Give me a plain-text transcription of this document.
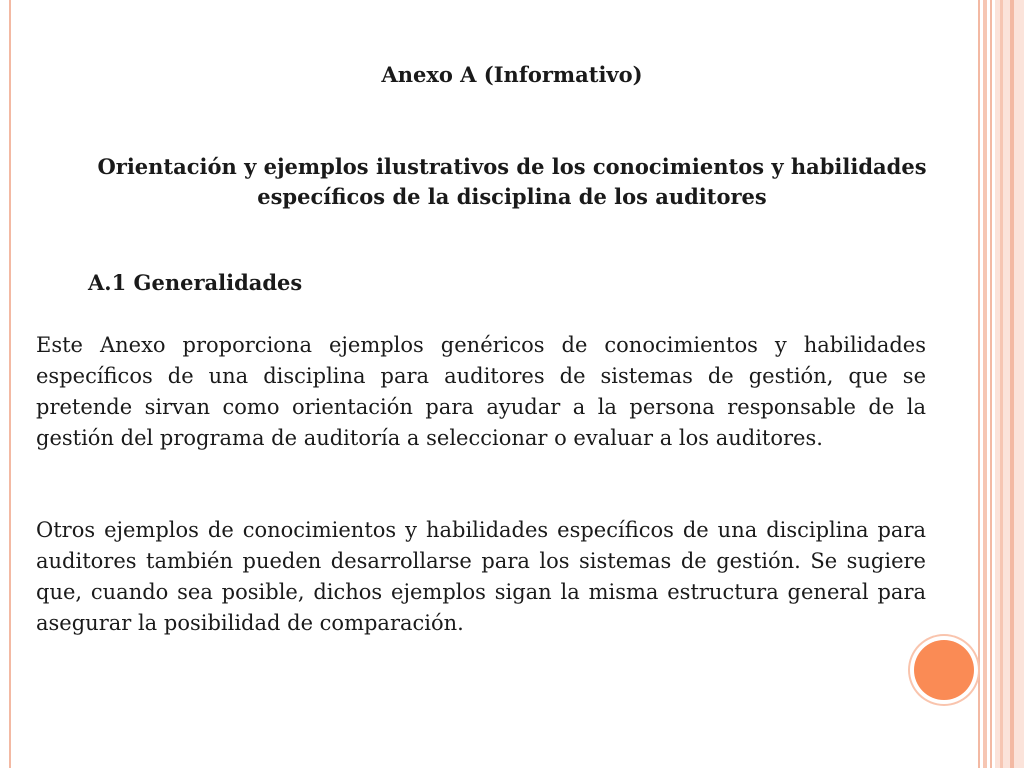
Anexo A (Informativo)
Orientación y ejemplos ilustrativos de los conocimientos y habilidades específicos de la disciplina de los auditores
A.1 Generalidades
Este Anexo proporciona ejemplos genéricos de conocimientos y habilidades específicos de una disciplina para auditores de sistemas de gestión, que se pretende sirvan como orientación para ayudar a la persona responsable de la gestión del programa de auditoría a seleccionar o evaluar a los auditores.
Otros ejemplos de conocimientos y habilidades específicos de una disciplina para auditores también pueden desarrollarse para los sistemas de gestión. Se sugiere que, cuando sea posible, dichos ejemplos sigan la misma estructura general para asegurar la posibilidad de comparación.
